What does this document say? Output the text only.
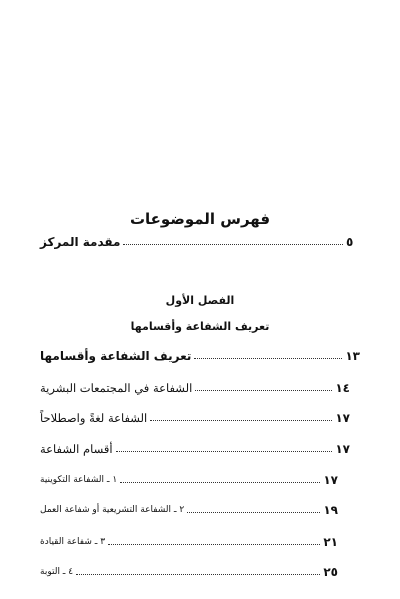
فهرس الموضوعات
مقدمة المركز	٥
الفصل الأول
تعريف الشفاعة وأقسامها
تعريف الشفاعة وأقسامها	١٣
الشفاعة في المجتمعات البشرية	١٤
الشفاعة لغةً واصطلاحاً	١٧
أقسام الشفاعة	١٧
١ ـ الشفاعة التكوينية	١٧
٢ ـ الشفاعة التشريعية أو شفاعة العمل	١٩
٣ ـ شفاعة القيادة	٢١
٤ ـ التوبة	٢٥
